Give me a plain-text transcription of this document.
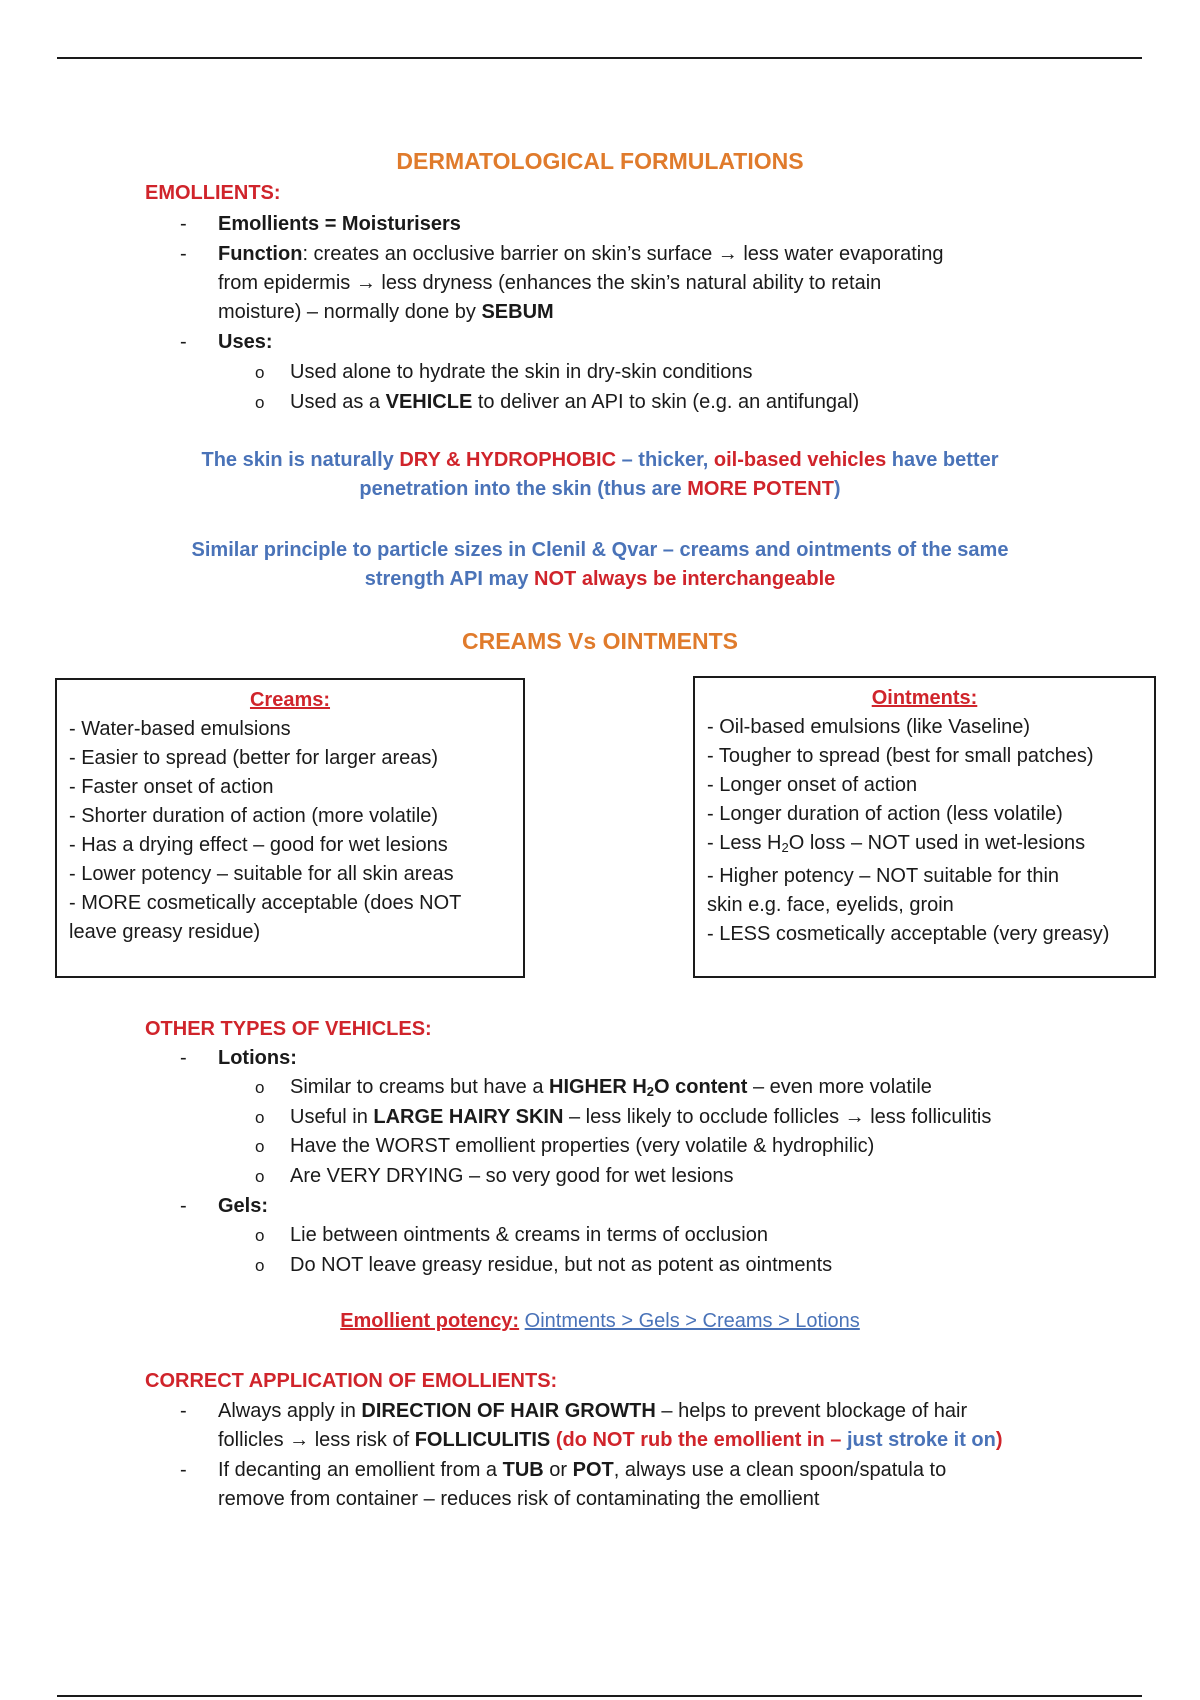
DERMATOLOGICAL FORMULATIONS
EMOLLIENTS:
- Emollients = Moisturisers
- Function: creates an occlusive barrier on skin’s surface → less water evaporating
from epidermis → less dryness (enhances the skin’s natural ability to retain
moisture) – normally done by SEBUM
- Uses:
o Used alone to hydrate the skin in dry-skin conditions
o Used as a VEHICLE to deliver an API to skin (e.g. an antifungal)
The skin is naturally DRY & HYDROPHOBIC – thicker, oil-based vehicles have better
penetration into the skin (thus are MORE POTENT)
Similar principle to particle sizes in Clenil & Qvar – creams and ointments of the same
strength API may NOT always be interchangeable
CREAMS Vs OINTMENTS
Creams:
- Water-based emulsions
- Easier to spread (better for larger areas)
- Faster onset of action
- Shorter duration of action (more volatile)
- Has a drying effect – good for wet lesions
- Lower potency – suitable for all skin areas
- MORE cosmetically acceptable (does NOT
leave greasy residue)
Ointments:
- Oil-based emulsions (like Vaseline)
- Tougher to spread (best for small patches)
- Longer onset of action
- Longer duration of action (less volatile)
- Less $H_2O$ loss – NOT used in wet-lesions
- Higher potency – NOT suitable for thin
skin e.g. face, eyelids, groin
- LESS cosmetically acceptable (very greasy)
OTHER TYPES OF VEHICLES:
- Lotions:
o Similar to creams but have a HIGHER $H_2O$ content – even more volatile
o Useful in LARGE HAIRY SKIN – less likely to occlude follicles → less folliculitis
o Have the WORST emollient properties (very volatile & hydrophilic)
o Are VERY DRYING – so very good for wet lesions
- Gels:
o Lie between ointments & creams in terms of occlusion
o Do NOT leave greasy residue, but not as potent as ointments
Emollient potency: Ointments > Gels > Creams > Lotions
CORRECT APPLICATION OF EMOLLIENTS:
- Always apply in DIRECTION OF HAIR GROWTH – helps to prevent blockage of hair
follicles → less risk of FOLLICULITIS (do NOT rub the emollient in – just stroke it on)
- If decanting an emollient from a TUB or POT, always use a clean spoon/spatula to
remove from container – reduces risk of contaminating the emollient
